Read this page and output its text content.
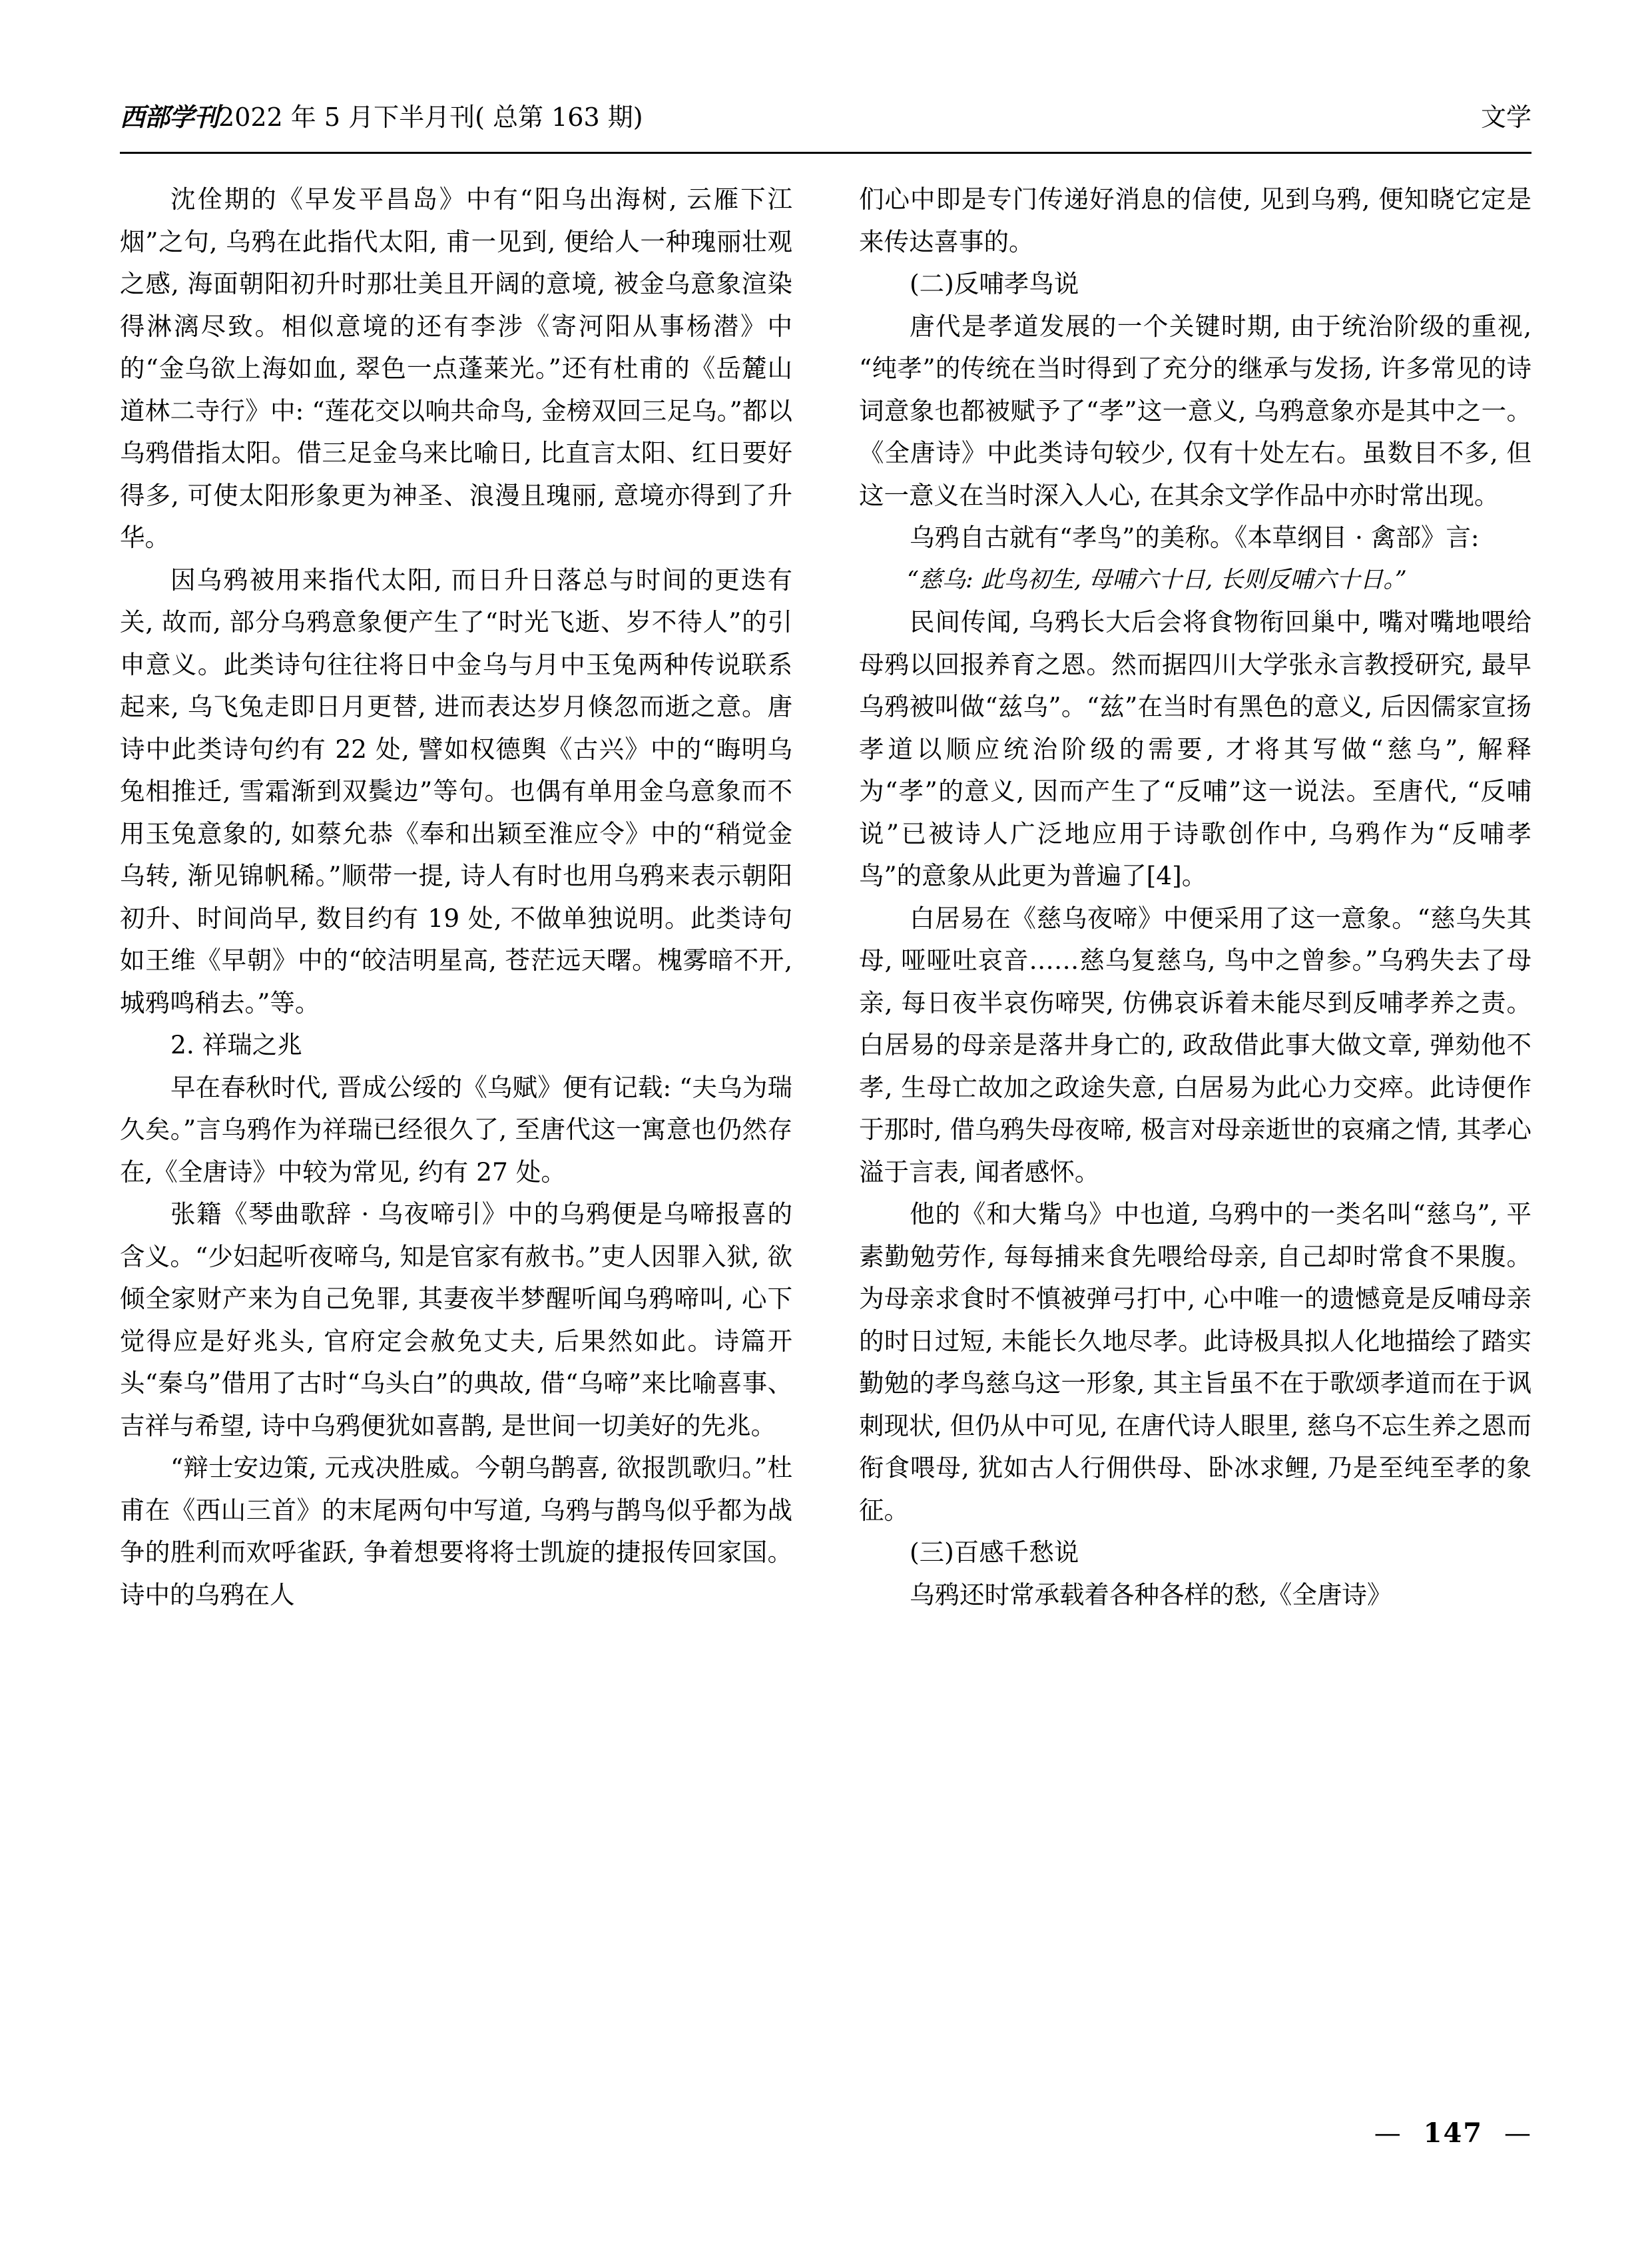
西部学刊2022 年 5 月下半月刊( 总第 163 期)	文学

沈佺期的《早发平昌岛》中有“阳乌出海树, 云雁下江烟”之句, 乌鸦在此指代太阳, 甫一见到, 便给人一种瑰丽壮观之感, 海面朝阳初升时那壮美且开阔的意境, 被金乌意象渲染得淋漓尽致。相似意境的还有李涉《寄河阳从事杨潜》中的“金乌欲上海如血, 翠色一点蓬莱光。”还有杜甫的《岳麓山道林二寺行》中: “莲花交以响共命鸟, 金榜双回三足乌。”都以乌鸦借指太阳。借三足金乌来比喻日, 比直言太阳、红日要好得多, 可使太阳形象更为神圣、浪漫且瑰丽, 意境亦得到了升华。

因乌鸦被用来指代太阳, 而日升日落总与时间的更迭有关, 故而, 部分乌鸦意象便产生了“时光飞逝、岁不待人”的引申意义。此类诗句往往将日中金乌与月中玉兔两种传说联系起来, 乌飞兔走即日月更替, 进而表达岁月倏忽而逝之意。唐诗中此类诗句约有 22 处, 譬如权德舆《古兴》中的“晦明乌兔相推迁, 雪霜渐到双鬓边”等句。也偶有单用金乌意象而不用玉兔意象的, 如蔡允恭《奉和出颖至淮应令》中的“稍觉金乌转, 渐见锦帆稀。”顺带一提, 诗人有时也用乌鸦来表示朝阳初升、时间尚早, 数目约有 19 处, 不做单独说明。此类诗句如王维《早朝》中的“皎洁明星高, 苍茫远天曙。槐雾暗不开, 城鸦鸣稍去。”等。

2. 祥瑞之兆

早在春秋时代, 晋成公绥的《乌赋》便有记载: “夫乌为瑞久矣。”言乌鸦作为祥瑞已经很久了, 至唐代这一寓意也仍然存在,《全唐诗》中较为常见, 约有 27 处。

张籍《琴曲歌辞 · 乌夜啼引》中的乌鸦便是乌啼报喜的含义。“少妇起听夜啼乌, 知是官家有赦书。”吏人因罪入狱, 欲倾全家财产来为自己免罪, 其妻夜半梦醒听闻乌鸦啼叫, 心下觉得应是好兆头, 官府定会赦免丈夫, 后果然如此。诗篇开头“秦乌”借用了古时“乌头白”的典故, 借“乌啼”来比喻喜事、吉祥与希望, 诗中乌鸦便犹如喜鹊, 是世间一切美好的先兆。

“辩士安边策, 元戎决胜威。今朝乌鹊喜, 欲报凯歌归。”杜甫在《西山三首》的末尾两句中写道, 乌鸦与鹊鸟似乎都为战争的胜利而欢呼雀跃, 争着想要将将士凯旋的捷报传回家国。诗中的乌鸦在人

们心中即是专门传递好消息的信使, 见到乌鸦, 便知晓它定是来传达喜事的。

(二)反哺孝鸟说

唐代是孝道发展的一个关键时期, 由于统治阶级的重视, “纯孝”的传统在当时得到了充分的继承与发扬, 许多常见的诗词意象也都被赋予了“孝”这一意义, 乌鸦意象亦是其中之一。《全唐诗》中此类诗句较少, 仅有十处左右。虽数目不多, 但这一意义在当时深入人心, 在其余文学作品中亦时常出现。

乌鸦自古就有“孝鸟”的美称。《本草纲目 · 禽部》言:

“慈乌: 此鸟初生, 母哺六十日, 长则反哺六十日。”

民间传闻, 乌鸦长大后会将食物衔回巢中, 嘴对嘴地喂给母鸦以回报养育之恩。然而据四川大学张永言教授研究, 最早乌鸦被叫做“兹乌”。“兹”在当时有黑色的意义, 后因儒家宣扬孝道以顺应统治阶级的需要, 才将其写做“慈乌”, 解释为“孝”的意义, 因而产生了“反哺”这一说法。至唐代, “反哺说”已被诗人广泛地应用于诗歌创作中, 乌鸦作为“反哺孝鸟”的意象从此更为普遍了[4]。

白居易在《慈乌夜啼》中便采用了这一意象。“慈乌失其母, 哑哑吐哀音……慈乌复慈乌, 鸟中之曾参。”乌鸦失去了母亲, 每日夜半哀伤啼哭, 仿佛哀诉着未能尽到反哺孝养之责。白居易的母亲是落井身亡的, 政敌借此事大做文章, 弹劾他不孝, 生母亡故加之政途失意, 白居易为此心力交瘁。此诗便作于那时, 借乌鸦失母夜啼, 极言对母亲逝世的哀痛之情, 其孝心溢于言表, 闻者感怀。

他的《和大觜乌》中也道, 乌鸦中的一类名叫“慈乌”, 平素勤勉劳作, 每每捕来食先喂给母亲, 自己却时常食不果腹。为母亲求食时不慎被弹弓打中, 心中唯一的遗憾竟是反哺母亲的时日过短, 未能长久地尽孝。此诗极具拟人化地描绘了踏实勤勉的孝鸟慈乌这一形象, 其主旨虽不在于歌颂孝道而在于讽刺现状, 但仍从中可见, 在唐代诗人眼里, 慈乌不忘生养之恩而衔食喂母, 犹如古人行佣供母、卧冰求鲤, 乃是至纯至孝的象征。

(三)百感千愁说

乌鸦还时常承载着各种各样的愁,《全唐诗》

— 147 —
